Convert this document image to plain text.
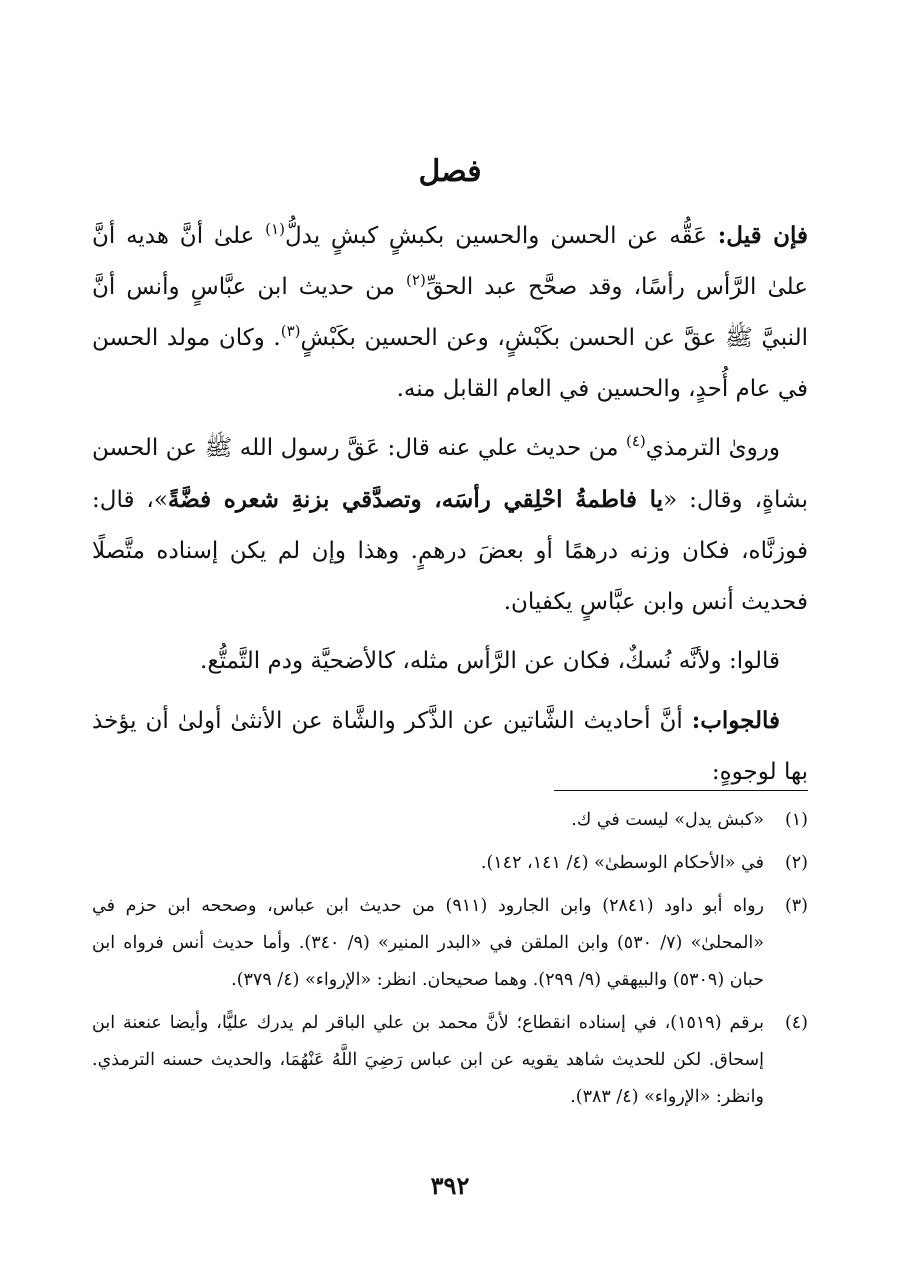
فصل

فإن قيل: عَقُّه عن الحسن والحسين بكبشٍ كبشٍ يدلُّ$^{(١)}$ علىٰ أنَّ هديه أنَّ علىٰ الرَّأس رأسًا، وقد صحَّح عبد الحقِّ$^{(٢)}$ من حديث ابن عبَّاسٍ وأنس أنَّ النبيَّ ﷺ عقَّ عن الحسن بكَبْشٍ، وعن الحسين بكَبْشٍ$^{(٣)}$. وكان مولد الحسن في عام أُحدٍ، والحسين في العام القابل منه.

وروىٰ الترمذي$^{(٤)}$ من حديث علي عنه قال: عَقَّ رسول الله ﷺ عن الحسن بشاةٍ، وقال: «يا فاطمةُ احْلِقي رأسَه، وتصدَّقي بزنةِ شعره فضَّةً»، قال: فوزنَّاه، فكان وزنه درهمًا أو بعضَ درهمٍ. وهذا وإن لم يكن إسناده متَّصلًا فحديث أنس وابن عبَّاسٍ يكفيان.

قالوا: ولأنَّه نُسكٌ، فكان عن الرَّأس مثله، كالأضحيَّة ودم التَّمتُّع.

فالجواب: أنَّ أحاديث الشَّاتين عن الذَّكر والشَّاة عن الأنثىٰ أولىٰ أن يؤخذ بها لوجوهٍ:

(١)
«كبش يدل» ليست في ك.
(٢)
في «الأحكام الوسطىٰ» (٤/ ١٤١، ١٤٢).
(٣)
رواه أبو داود (٢٨٤١) وابن الجارود (٩١١) من حديث ابن عباس، وصححه ابن حزم في «المحلىٰ» (٧/ ٥٣٠) وابن الملقن في «البدر المنير» (٩/ ٣٤٠). وأما حديث أنس فرواه ابن حبان (٥٣٠٩) والبيهقي (٩/ ٢٩٩). وهما صحيحان. انظر: «الإرواء» (٤/ ٣٧٩).
(٤)
برقم (١٥١٩)، في إسناده انقطاع؛ لأنَّ محمد بن علي الباقر لم يدرك عليًّا، وأيضا عنعنة ابن إسحاق. لكن للحديث شاهد يقويه عن ابن عباس رَضِيَ اللَّهُ عَنْهُمَا، والحديث حسنه الترمذي. وانظر: «الإرواء» (٤/ ٣٨٣).
٣٩٢
